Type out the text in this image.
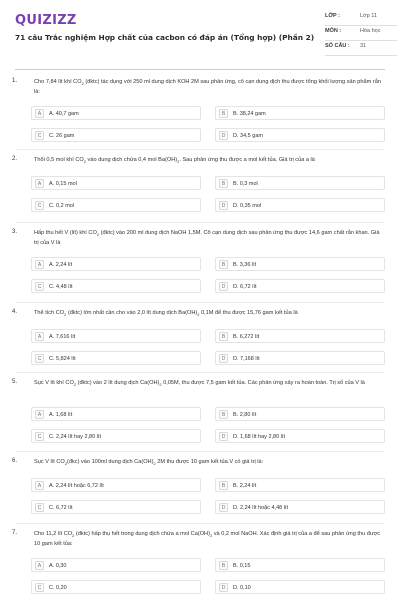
QUIZIZZ
71 câu Trắc nghiệm Hợp chất của cacbon có đáp án (Tổng hợp) (Phần 2)
LỚP :	Lớp 11
MÔN :	Hóa học
SỐ CÂU : 31
1.	Cho 7,84 lít khí $CO_2$ (đktc) tác dụng với 250 ml dung dịch KOH 2M sau phản ứng, cô cạn dung dịch thu được tổng khối lượng sản phẩm rắn là:
A	A. 40,7 gam	B	B. 38,24 gam
C	C. 26 gam	D	D. 34,5 gam
2.	Thổi 0,5 mol khí $CO_2$ vào dung dịch chứa 0,4 mol $Ba(OH)_2$. Sau phản ứng thu được a mol kết tủa. Giá trị của a là
A	A. 0,15 mol	B	B. 0,3 mol
C	C. 0,2 mol	D	D. 0,35 mol
3.	Hấp thu hết V (lít) khí $CO_2$ (đktc) vào 200 ml dung dịch NaOH 1,5M. Cô cạn dung dịch sau phản ứng thu được 14,6 gam chất rắn khan. Giá trị của V là
A	A. 2,24 lít	B	B. 3,36 lít
C	C. 4,48 lít	D	D. 6,72 lít
4.	Thể tích $CO_2$ (đktc) lớn nhất cần cho vào 2,0 lít dung dịch $Ba(OH)_2$ 0,1M để thu được 15,76 gam kết tủa là
A	A. 7,616 lít	B	B. 6,272 lít
C	C. 5,824 lít	D	D. 7,168 lít
5.	Sục V lít khí $CO_2$ (đktc) vào 2 lít dung dịch $Ca(OH)_2$ 0,05M, thu được 7,5 gam kết tủa. Các phản ứng xảy ra hoàn toàn. Trị số của V là
A	A. 1,68 lít	B	B. 2,80 lít
C	C. 2,24 lít hay 2,80 lít	D	D. 1,68 lít hay 2,80 lít
6.	Sục V lít $CO_2(đkc)$ vào 100ml dung dịch $Ca(OH)_2$ 2M thu được 10 gam kết tủa.V có giá trị là:
A	A. 2,24 lít hoặc 6,72 lít	B	B. 2,24 lít
C	C. 6,72 lít	D	D. 2,24 lít hoặc 4,48 lít
7.	Cho 11,2 lít $CO_2$ (đktc) hấp thụ hết trong dung dịch chứa a mol $Ca(OH)_2$ và 0,2 mol NaOH. Xác định giá trị của a để sau phản ứng thu được 10 gam kết tủa:
A	A. 0,30	B	B. 0,15
C	C. 0,20	D	D. 0,10
